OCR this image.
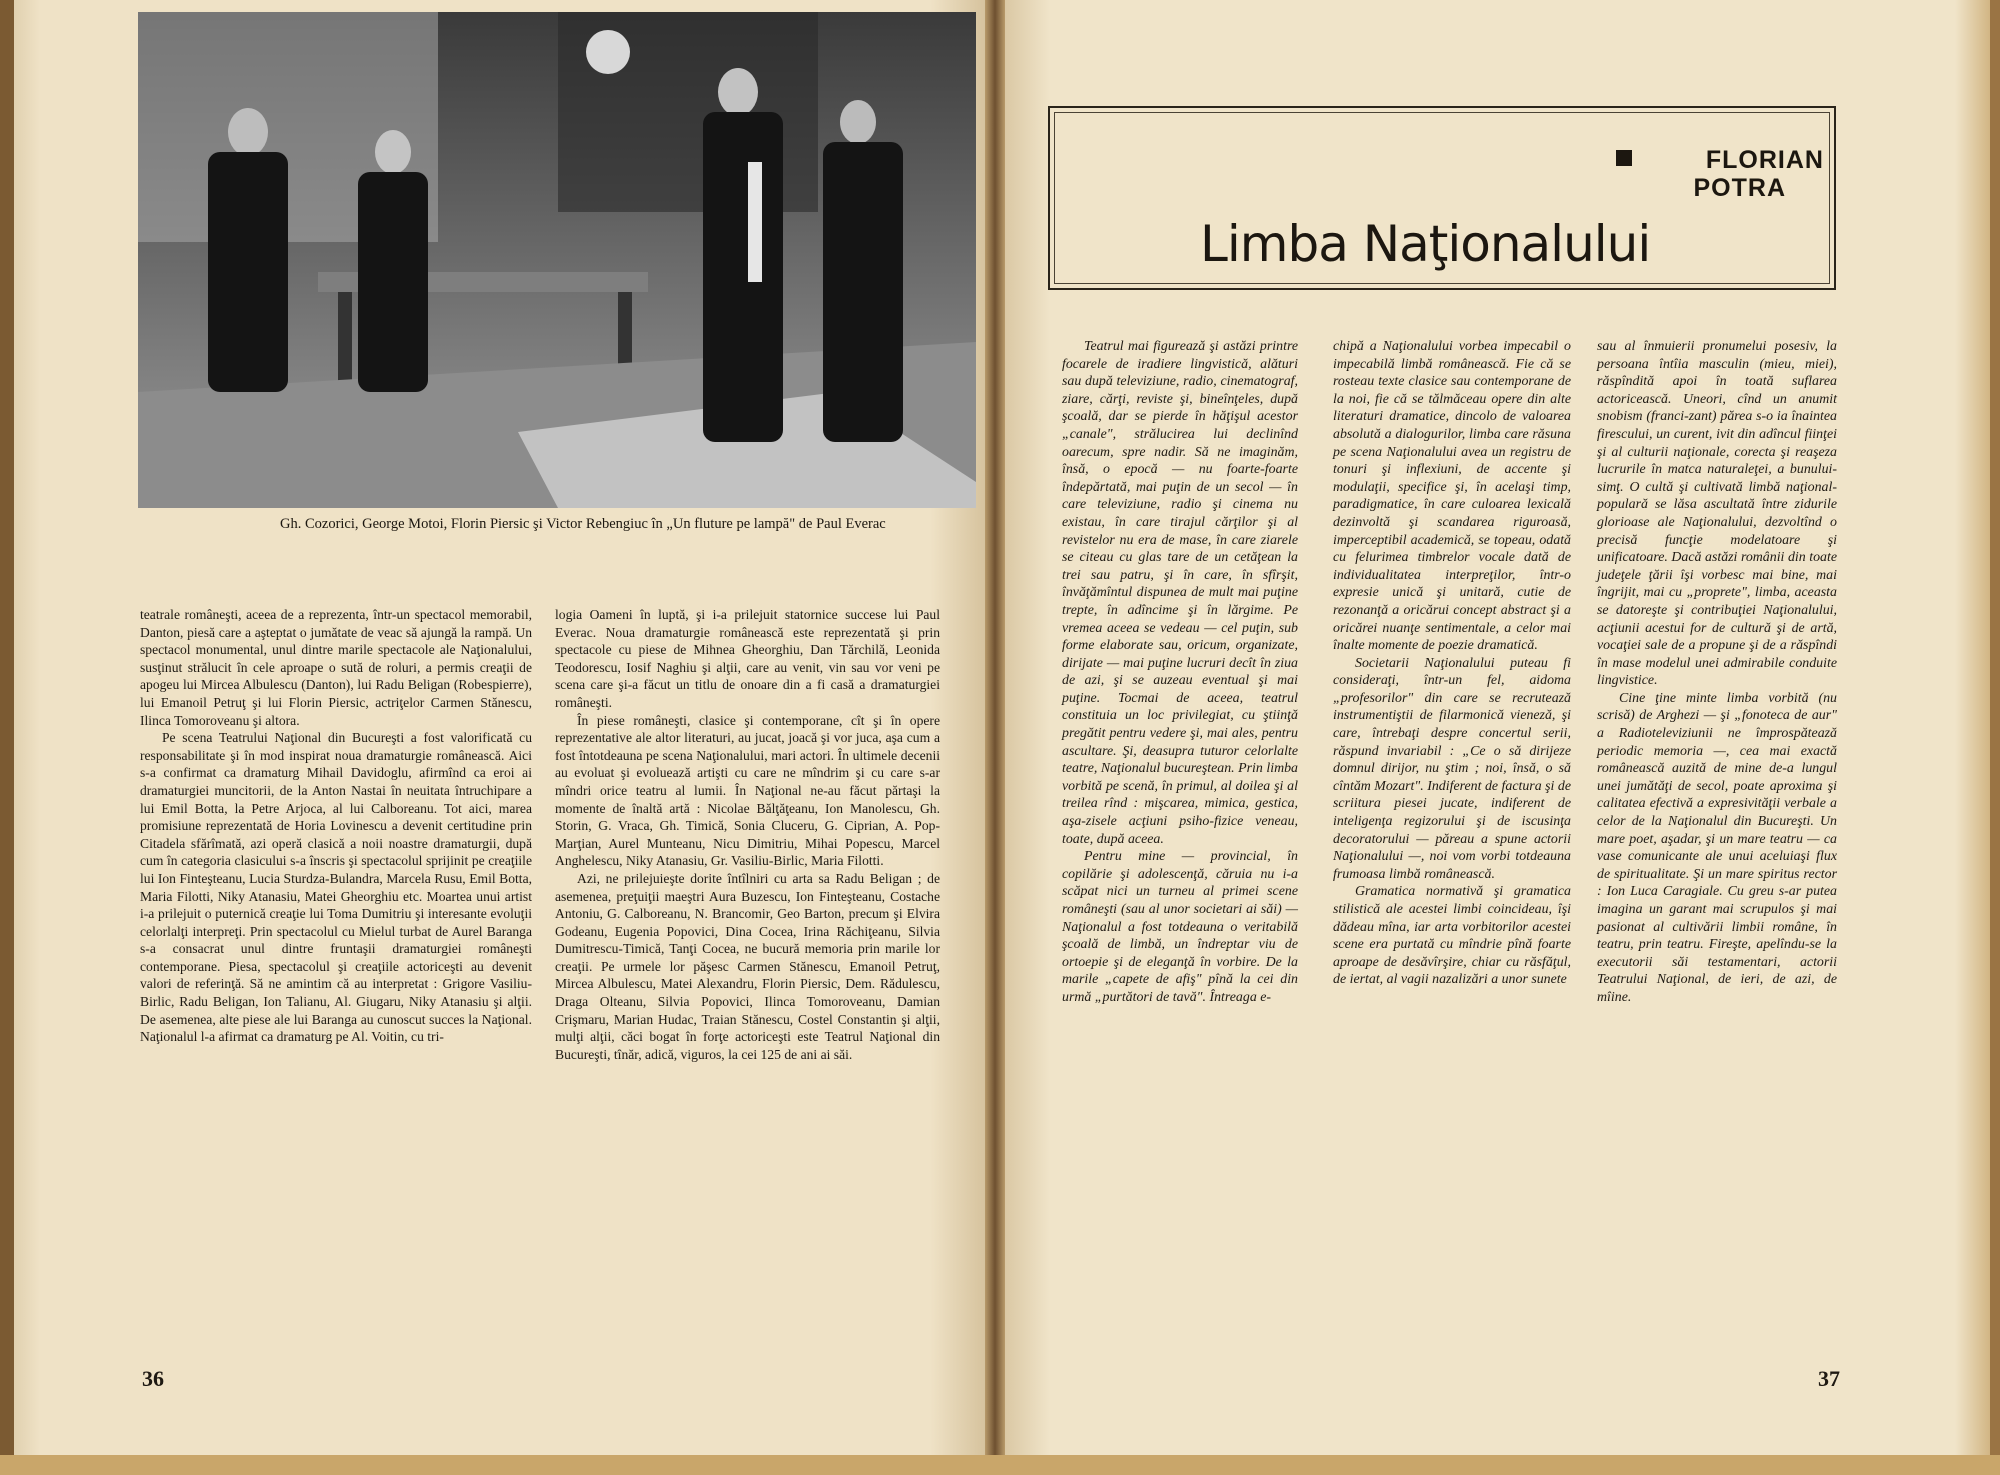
Gh. Cozorici, George Motoi, Florin Piersic şi Victor Rebengiuc în „Un fluture pe lampă" de Paul Everac

teatrale româneşti, aceea de a reprezenta, într-un spectacol memorabil, Danton, piesă care a aşteptat o jumătate de veac să ajungă la rampă. Un spectacol monumental, unul dintre marile spectacole ale Naţionalului, susţinut strălucit în cele aproape o sută de roluri, a permis creaţii de apogeu lui Mircea Albulescu (Danton), lui Radu Beligan (Robespierre), lui Emanoil Petruţ şi lui Florin Piersic, actriţelor Carmen Stănescu, Ilinca Tomoroveanu şi altora.

Pe scena Teatrului Naţional din Bucureşti a fost valorificată cu responsabilitate şi în mod inspirat noua dramaturgie românească. Aici s-a confirmat ca dramaturg Mihail Davidoglu, afirmînd ca eroi ai dramaturgiei muncitorii, de la Anton Nastai în neuitata întruchipare a lui Emil Botta, la Petre Arjoca, al lui Calboreanu. Tot aici, marea promisiune reprezentată de Horia Lovinescu a devenit certitudine prin Citadela sfărîmată, azi operă clasică a noii noastre dramaturgii, după cum în categoria clasicului s-a înscris şi spectacolul sprijinit pe creaţiile lui Ion Finteşteanu, Lucia Sturdza-Bulandra, Marcela Rusu, Emil Botta, Maria Filotti, Niky Atanasiu, Matei Gheorghiu etc. Moartea unui artist i-a prilejuit o puternică creaţie lui Toma Dumitriu şi interesante evoluţii celorlalţi interpreţi. Prin spectacolul cu Mielul turbat de Aurel Baranga s-a consacrat unul dintre fruntaşii dramaturgiei româneşti contemporane. Piesa, spectacolul şi creaţiile actoriceşti au devenit valori de referinţă. Să ne amintim că au interpretat : Grigore Vasiliu-Birlic, Radu Beligan, Ion Talianu, Al. Giugaru, Niky Atanasiu şi alţii. De asemenea, alte piese ale lui Baranga au cunoscut succes la Naţional. Naţionalul l-a afirmat ca dramaturg pe Al. Voitin, cu tri-

logia Oameni în luptă, şi i-a prilejuit statornice succese lui Paul Everac. Noua dramaturgie românească este reprezentată şi prin spectacole cu piese de Mihnea Gheorghiu, Dan Tărchilă, Leonida Teodorescu, Iosif Naghiu şi alţii, care au venit, vin sau vor veni pe scena care şi-a făcut un titlu de onoare din a fi casă a dramaturgiei româneşti.

În piese româneşti, clasice şi contemporane, cît şi în opere reprezentative ale altor literaturi, au jucat, joacă şi vor juca, aşa cum a fost întotdeauna pe scena Naţionalului, mari actori. În ultimele decenii au evoluat şi evoluează artişti cu care ne mîndrim şi cu care s-ar mîndri orice teatru al lumii. În Naţional ne-au făcut părtaşi la momente de înaltă artă : Nicolae Bălţăţeanu, Ion Manolescu, Gh. Storin, G. Vraca, Gh. Timică, Sonia Cluceru, G. Ciprian, A. Pop-Marţian, Aurel Munteanu, Nicu Dimitriu, Mihai Popescu, Marcel Anghelescu, Niky Atanasiu, Gr. Vasiliu-Birlic, Maria Filotti.

Azi, ne prilejuieşte dorite întîlniri cu arta sa Radu Beligan ; de asemenea, preţuiţii maeştri Aura Buzescu, Ion Finteşteanu, Costache Antoniu, G. Calboreanu, N. Brancomir, Geo Barton, precum şi Elvira Godeanu, Eugenia Popovici, Dina Cocea, Irina Răchiţeanu, Silvia Dumitrescu-Timică, Tanţi Cocea, ne bucură memoria prin marile lor creaţii. Pe urmele lor păşesc Carmen Stănescu, Emanoil Petruţ, Mircea Albulescu, Matei Alexandru, Florin Piersic, Dem. Rădulescu, Draga Olteanu, Silvia Popovici, Ilinca Tomoroveanu, Damian Crişmaru, Marian Hudac, Traian Stănescu, Costel Constantin şi alţii, mulţi alţii, căci bogat în forţe actoriceşti este Teatrul Naţional din Bucureşti, tînăr, adică, viguros, la cei 125 de ani ai săi.

36
FLORIAN
POTRA
Limba Naţionalului

Teatrul mai figurează şi astăzi printre focarele de iradiere lingvistică, alături sau după televiziune, radio, cinematograf, ziare, cărţi, reviste şi, bineînţeles, după şcoală, dar se pierde în hăţişul acestor „canale", strălucirea lui declinînd oarecum, spre nadir. Să ne imaginăm, însă, o epocă — nu foarte-foarte îndepărtată, mai puţin de un secol — în care televiziune, radio şi cinema nu existau, în care tirajul cărţilor şi al revistelor nu era de mase, în care ziarele se citeau cu glas tare de un cetăţean la trei sau patru, şi în care, în sfîrşit, învăţămîntul dispunea de mult mai puţine trepte, în adîncime şi în lărgime. Pe vremea aceea se vedeau — cel puţin, sub forme elaborate sau, oricum, organizate, dirijate — mai puţine lucruri decît în ziua de azi, şi se auzeau eventual şi mai puţine. Tocmai de aceea, teatrul constituia un loc privilegiat, cu ştiinţă pregătit pentru vedere şi, mai ales, pentru ascultare. Şi, deasupra tuturor celorlalte teatre, Naţionalul bucureştean. Prin limba vorbită pe scenă, în primul, al doilea şi al treilea rînd : mişcarea, mimica, gestica, aşa-zisele acţiuni psiho-fizice veneau, toate, după aceea.

Pentru mine — provincial, în copilărie şi adolescenţă, căruia nu i-a scăpat nici un turneu al primei scene româneşti (sau al unor societari ai săi) — Naţionalul a fost totdeauna o veritabilă şcoală de limbă, un îndreptar viu de ortoepie şi de eleganţă în vorbire. De la marile „capete de afiş" pînă la cei din urmă „purtători de tavă". Întreaga e-

chipă a Naţionalului vorbea impecabil o impecabilă limbă românească. Fie că se rosteau texte clasice sau contemporane de la noi, fie că se tălmăceau opere din alte literaturi dramatice, dincolo de valoarea absolută a dialogurilor, limba care răsuna pe scena Naţionalului avea un registru de tonuri şi inflexiuni, de accente şi modulaţii, specifice şi, în acelaşi timp, paradigmatice, în care culoarea lexicală dezinvoltă şi scandarea riguroasă, imperceptibil academică, se topeau, odată cu felurimea timbrelor vocale dată de individualitatea interpreţilor, într-o expresie unică şi unitară, cutie de rezonanţă a oricărui concept abstract şi a oricărei nuanţe sentimentale, a celor mai înalte momente de poezie dramatică.

Societarii Naţionalului puteau fi consideraţi, într-un fel, aidoma „profesorilor" din care se recrutează instrumentiştii de filarmonică vieneză, şi care, întrebaţi despre concertul serii, răspund invariabil : „Ce o să dirijeze domnul dirijor, nu ştim ; noi, însă, o să cîntăm Mozart". Indiferent de factura şi de scriitura piesei jucate, indiferent de inteligenţa regizorului şi de iscusinţa decoratorului — păreau a spune actorii Naţionalului —, noi vom vorbi totdeauna frumoasa limbă românească.

Gramatica normativă şi gramatica stilistică ale acestei limbi coincideau, îşi dădeau mîna, iar arta vorbitorilor acestei scene era purtată cu mîndrie pînă foarte aproape de desăvîrşire, chiar cu răsfăţul, de iertat, al vagii nazalizări a unor sunete

sau al înmuierii pronumelui posesiv, la persoana întîia masculin (mieu, miei), răspîndită apoi în toată suflarea actoricească. Uneori, cînd un anumit snobism (franci-zant) părea s-o ia înaintea firescului, un curent, ivit din adîncul fiinţei şi al culturii naţionale, corecta şi reaşeza lucrurile în matca naturaleţei, a bunului-simţ. O cultă şi cultivată limbă naţional-populară se lăsa ascultată între zidurile glorioase ale Naţionalului, dezvoltînd o precisă funcţie modelatoare şi unificatoare. Dacă astăzi românii din toate judeţele ţării îşi vorbesc mai bine, mai îngrijit, mai cu „proprete", limba, aceasta se datoreşte şi contribuţiei Naţionalului, acţiunii acestui for de cultură şi de artă, vocaţiei sale de a propune şi de a răspîndi în mase modelul unei admirabile conduite lingvistice.

Cine ţine minte limba vorbită (nu scrisă) de Arghezi — şi „fonoteca de aur" a Radioteleviziunii ne împrospătează periodic memoria —, cea mai exactă românească auzită de mine de-a lungul unei jumătăţi de secol, poate aproxima şi calitatea efectivă a expresivităţii verbale a celor de la Naţionalul din Bucureşti. Un mare poet, aşadar, şi un mare teatru — ca vase comunicante ale unui aceluiaşi flux de spiritualitate. Şi un mare spiritus rector : Ion Luca Caragiale. Cu greu s-ar putea imagina un garant mai scrupulos şi mai pasionat al cultivării limbii române, în teatru, prin teatru. Fireşte, apelîndu-se la executorii săi testamentari, actorii Teatrului Naţional, de ieri, de azi, de mîine.

37
